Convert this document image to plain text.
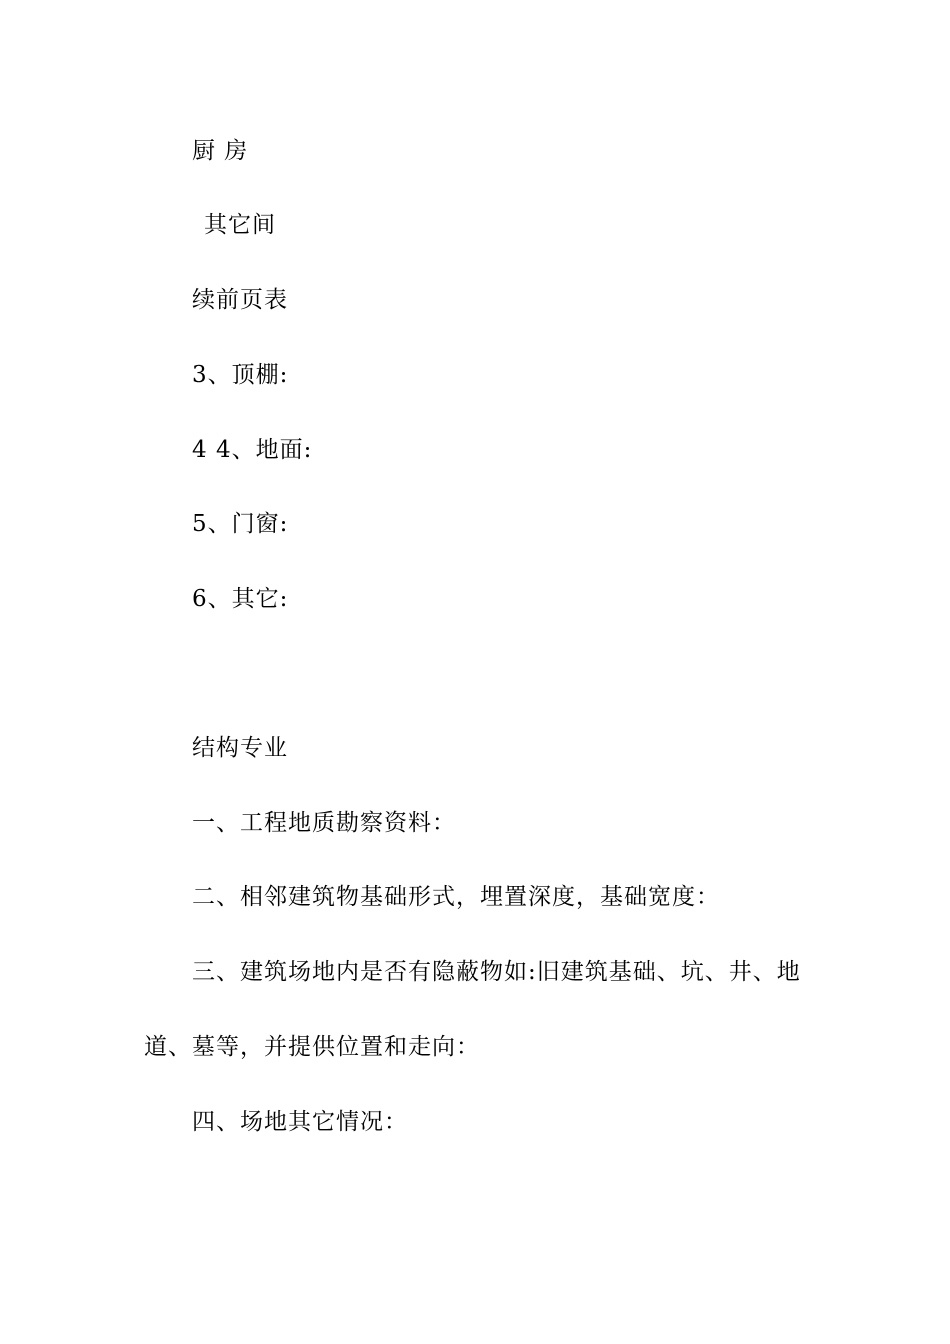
厨 房
其它间
续前页表
3、顶棚:
4 4、地面:
5、门窗:
6、其它:
结构专业
一、工程地质勘察资料：
二、相邻建筑物基础形式，埋置深度，基础宽度：
三、建筑场地内是否有隐蔽物如:旧建筑基础、坑、井、地
道、墓等，并提供位置和走向：
四、场地其它情况：
